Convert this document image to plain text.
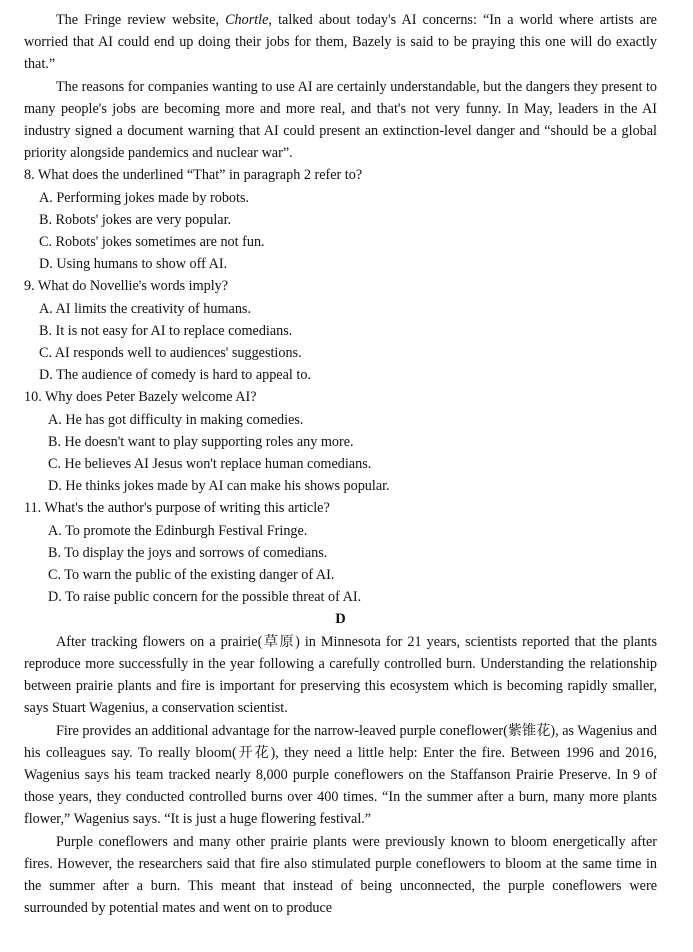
The Fringe review website, Chortle, talked about today's AI concerns: “In a world where artists are worried that AI could end up doing their jobs for them, Bazely is said to be praying this one will do exactly that.”

The reasons for companies wanting to use AI are certainly understandable, but the dangers they present to many people's jobs are becoming more and more real, and that's not very funny. In May, leaders in the AI industry signed a document warning that AI could present an extinction-level danger and “should be a global priority alongside pandemics and nuclear war”.

8. What does the underlined “That” in paragraph 2 refer to?

A. Performing jokes made by robots.

B. Robots' jokes are very popular.

C. Robots' jokes sometimes are not fun.

D. Using humans to show off AI.

9. What do Novellie's words imply?

A. AI limits the creativity of humans.

B. It is not easy for AI to replace comedians.

C. AI responds well to audiences' suggestions.

D. The audience of comedy is hard to appeal to.

10. Why does Peter Bazely welcome AI?

A. He has got difficulty in making comedies.

B. He doesn't want to play supporting roles any more.

C. He believes AI Jesus won't replace human comedians.

D. He thinks jokes made by AI can make his shows popular.

11. What's the author's purpose of writing this article?

A. To promote the Edinburgh Festival Fringe.

B. To display the joys and sorrows of comedians.

C. To warn the public of the existing danger of AI.

D. To raise public concern for the possible threat of AI.

D

After tracking flowers on a prairie(草原) in Minnesota for 21 years, scientists reported that the plants reproduce more successfully in the year following a carefully controlled burn. Understanding the relationship between prairie plants and fire is important for preserving this ecosystem which is becoming rapidly smaller, says Stuart Wagenius, a conservation scientist.

Fire provides an additional advantage for the narrow-leaved purple coneflower(紫锥花), as Wagenius and his colleagues say. To really bloom(开花), they need a little help: Enter the fire. Between 1996 and 2016, Wagenius says his team tracked nearly 8,000 purple coneflowers on the Staffanson Prairie Preserve. In 9 of those years, they conducted controlled burns over 400 times. “In the summer after a burn, many more plants flower,” Wagenius says. “It is just a huge flowering festival.”

Purple coneflowers and many other prairie plants were previously known to bloom energetically after fires. However, the researchers said that fire also stimulated purple coneflowers to bloom at the same time in the summer after a burn. This meant that instead of being unconnected, the purple coneflowers were surrounded by potential mates and went on to produce
